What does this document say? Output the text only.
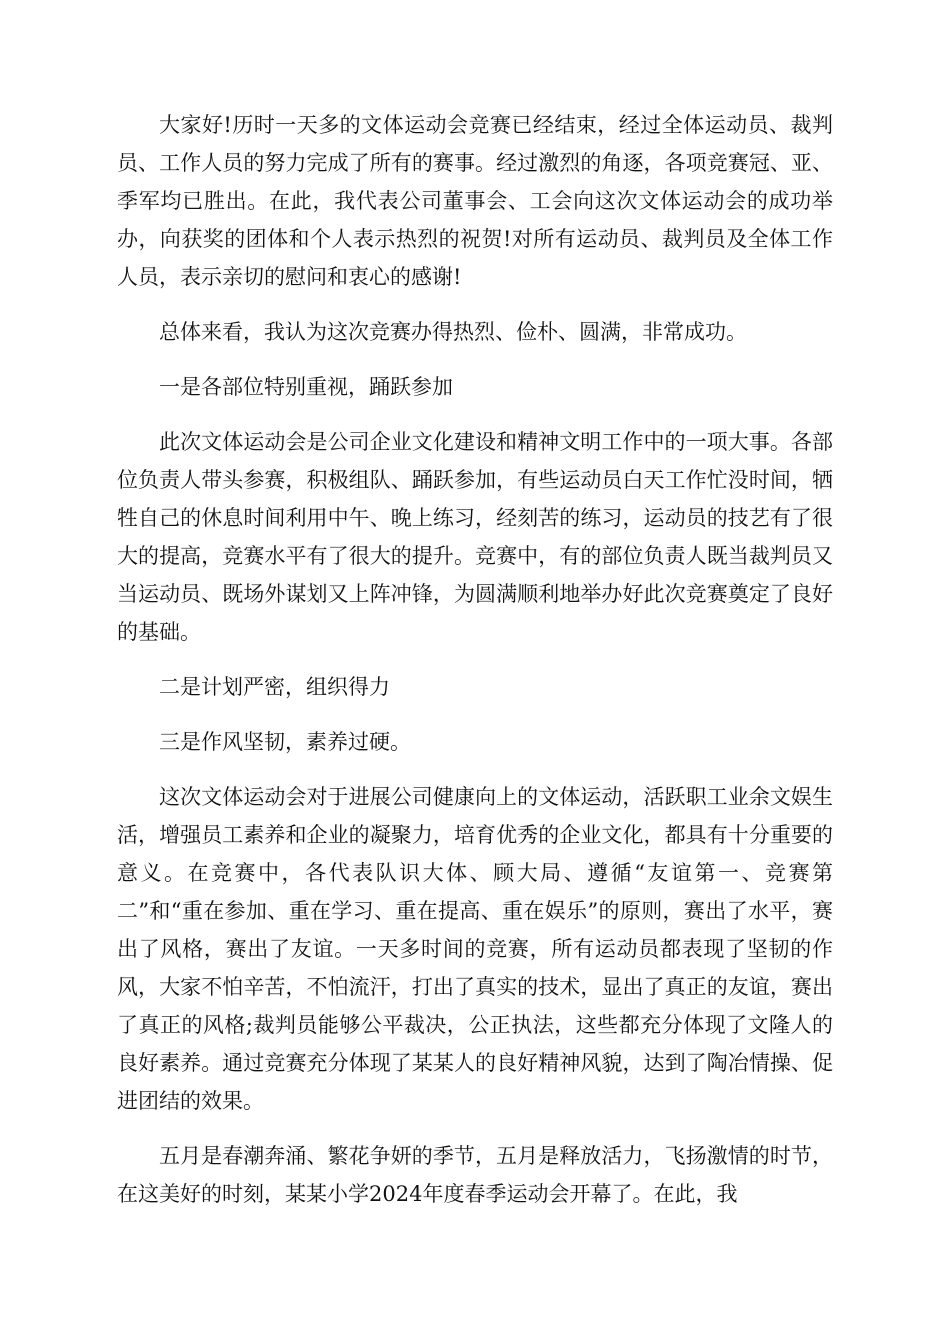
大家好!历时一天多的文体运动会竞赛已经结束，经过全体运动员、裁判员、工作人员的努力完成了所有的赛事。经过激烈的角逐，各项竞赛冠、亚、季军均已胜出。在此，我代表公司董事会、工会向这次文体运动会的成功举办，向获奖的团体和个人表示热烈的祝贺!对所有运动员、裁判员及全体工作人员，表示亲切的慰问和衷心的感谢!

总体来看，我认为这次竞赛办得热烈、俭朴、圆满，非常成功。

一是各部位特别重视，踊跃参加

此次文体运动会是公司企业文化建设和精神文明工作中的一项大事。各部位负责人带头参赛，积极组队、踊跃参加，有些运动员白天工作忙没时间，牺牲自己的休息时间利用中午、晚上练习，经刻苦的练习，运动员的技艺有了很大的提高，竞赛水平有了很大的提升。竞赛中，有的部位负责人既当裁判员又当运动员、既场外谋划又上阵冲锋，为圆满顺利地举办好此次竞赛奠定了良好的基础。

二是计划严密，组织得力

三是作风坚韧，素养过硬。

这次文体运动会对于进展公司健康向上的文体运动，活跃职工业余文娱生活，增强员工素养和企业的凝聚力，培育优秀的企业文化，都具有十分重要的意义。在竞赛中，各代表队识大体、顾大局、遵循“友谊第一、竞赛第二”和“重在参加、重在学习、重在提高、重在娱乐”的原则，赛出了水平，赛出了风格，赛出了友谊。一天多时间的竞赛，所有运动员都表现了坚韧的作风，大家不怕辛苦，不怕流汗，打出了真实的技术，显出了真正的友谊，赛出了真正的风格;裁判员能够公平裁决，公正执法，这些都充分体现了文隆人的良好素养。通过竞赛充分体现了某某人的良好精神风貌，达到了陶冶情操、促进团结的效果。

五月是春潮奔涌、繁花争妍的季节，五月是释放活力，飞扬激情的时节，在这美好的时刻，某某小学2024年度春季运动会开幕了。在此，我
